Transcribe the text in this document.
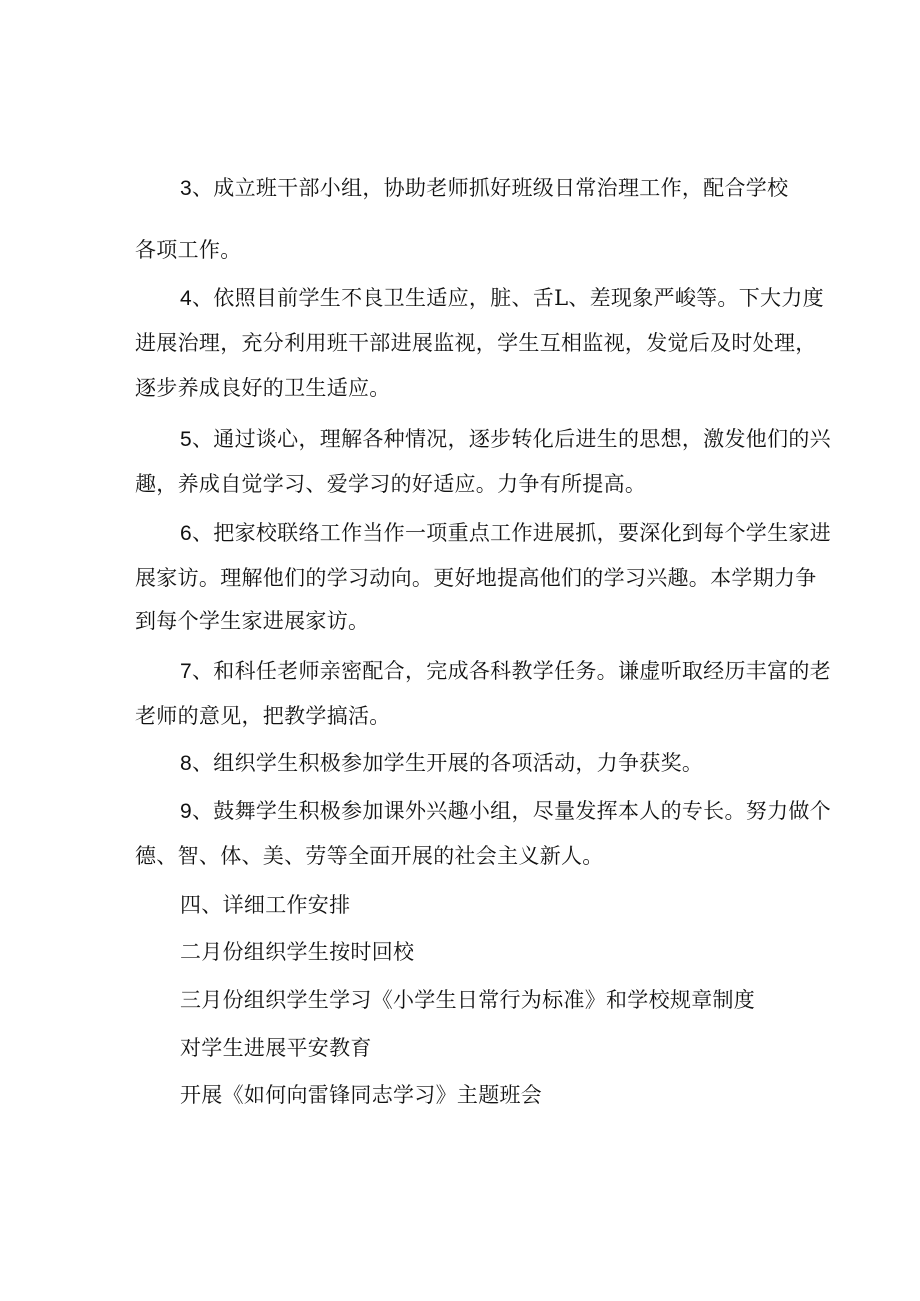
3、成立班干部小组，协助老师抓好班级日常治理工作，配合学校
各项工作。
4、依照目前学生不良卫生适应，脏、舌L、差现象严峻等。下大力度
进展治理，充分利用班干部进展监视，学生互相监视，发觉后及时处理，
逐步养成良好的卫生适应。
5、通过谈心，理解各种情况，逐步转化后进生的思想，激发他们的兴
趣，养成自觉学习、爱学习的好适应。力争有所提高。
6、把家校联络工作当作一项重点工作进展抓，要深化到每个学生家进
展家访。理解他们的学习动向。更好地提高他们的学习兴趣。本学期力争
到每个学生家进展家访。
7、和科任老师亲密配合，完成各科教学任务。谦虚听取经历丰富的老
老师的意见，把教学搞活。
8、组织学生积极参加学生开展的各项活动，力争获奖。
9、鼓舞学生积极参加课外兴趣小组，尽量发挥本人的专长。努力做个
德、智、体、美、劳等全面开展的社会主义新人。
四、详细工作安排
二月份组织学生按时回校
三月份组织学生学习《小学生日常行为标准》和学校规章制度
对学生进展平安教育
开展《如何向雷锋同志学习》主题班会
